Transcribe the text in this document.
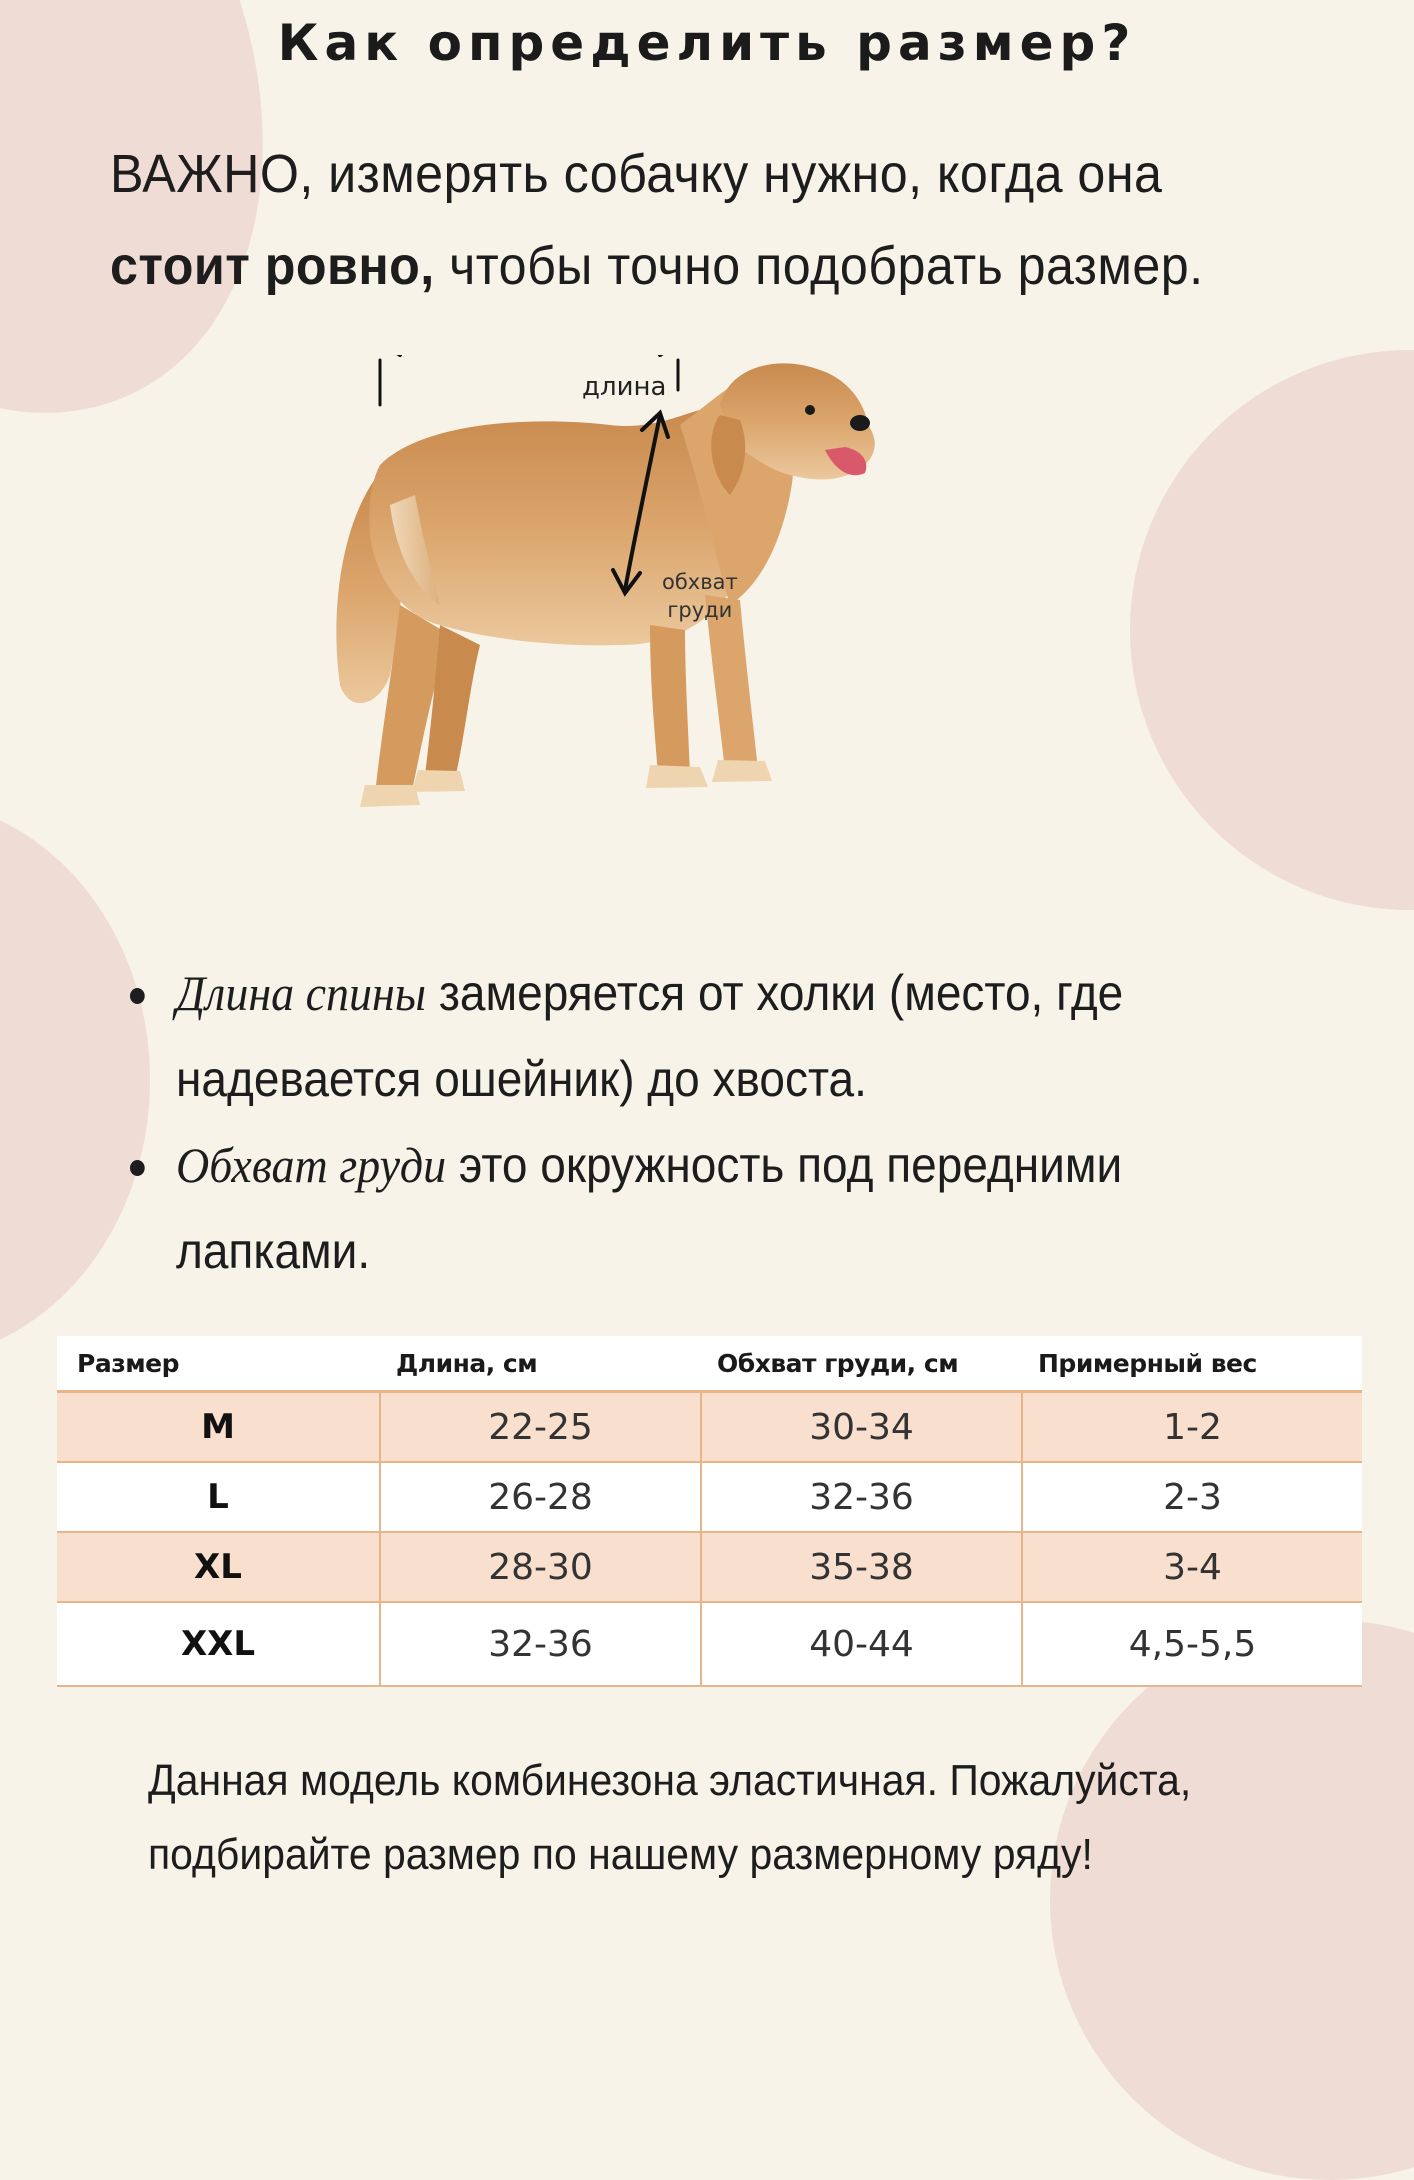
Как определить размер?
ВАЖНО, измерять собачку нужно, когда она стоит ровно, чтобы точно подобрать размер.
длина
обхват
груди
Длина спины замеряется от холки (место, где надевается ошейник) до хвоста.
Обхват груди это окружность под передними лапками.
Размер	Длина, см	Обхват груди, см	Примерный вес
M	22-25	30-34	1-2
L	26-28	32-36	2-3
XL	28-30	35-38	3-4
XXL	32-36	40-44	4,5-5,5
Данная модель комбинезона эластичная. Пожалуйста, подбирайте размер по нашему размерному ряду!
